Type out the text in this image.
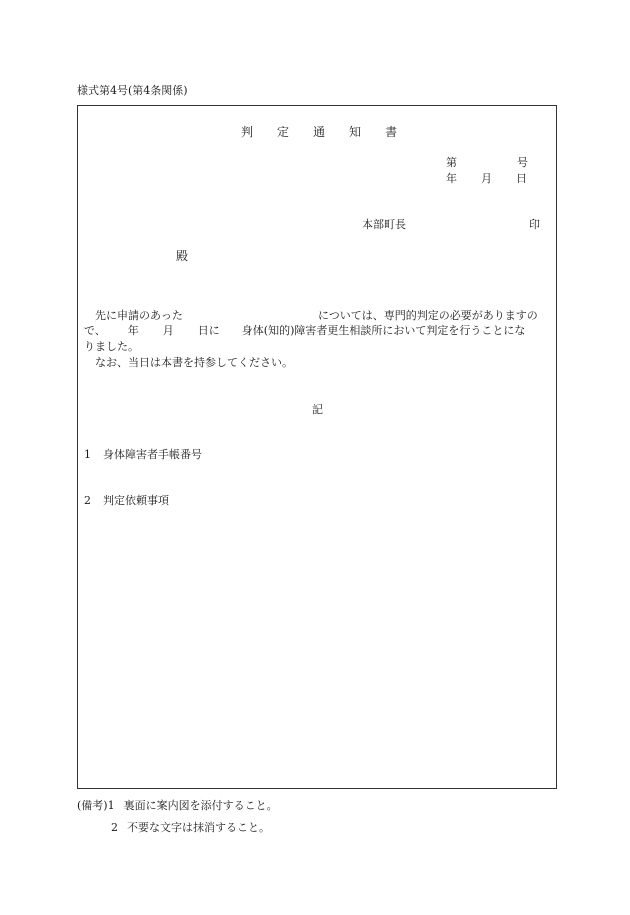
様式第4号(第4条関係)
判 定 通 知 書
第	号
年 月 日
本部町長	印
殿
先に申請のあった	については、専門的判定の必要がありますの
で、 年 月 日に 身体(知的)障害者更生相談所において判定を行うことにな
りました。
なお、当日は本書を持参してください。
記
1 身体障害者手帳番号
2 判定依頼事項
(備考)1 裏面に案内図を添付すること。
2 不要な文字は抹消すること。
